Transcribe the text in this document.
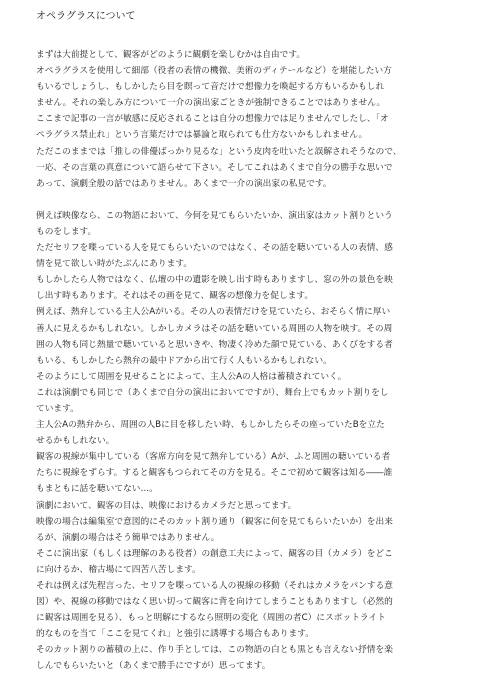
オペラグラスについて
まずは大前提として、観客がどのように観劇を楽しむかは自由です。
オペラグラスを使用して細部（役者の表情の機微、美術のディテールなど）を堪能したい方
もいるでしょうし、もしかしたら目を瞑って音だけで想像力を喚起する方もいるかもしれ
ません。それの楽しみ方について一介の演出家ごときが強制できることではありません。
ここまで記事の一言が敏感に反応されることは自分の想像力では足りませんでしたし、「オ
ペラグラス禁止れ」という言葉だけでは暴論と取られても仕方ないかもしれません。
ただこのままでは「推しの俳優ばっかり見るな」という皮肉を吐いたと誤解されそうなので、
一応、その言葉の真意について語らせて下さい。そしてこれはあくまで自分の勝手な思いで
あって、演劇全般の話ではありません。あくまで一介の演出家の私見です。
例えば映像なら、この物語において、今何を見てもらいたいか、演出家はカット割りという
ものをします。
ただセリフを喋っている人を見てもらいたいのではなく、その話を聴いている人の表情、感
情を見て欲しい時がたぶんにあります。
もしかしたら人物ではなく、仏壇の中の遺影を映し出す時もありますし、窓の外の景色を映
し出す時もあります。それはその画を見て、観客の想像力を促します。
例えば、熱弁している主人公Aがいる。その人の表情だけを見ていたら、おそらく情に厚い
善人に見えるかもしれない。しかしカメラはその話を聴いている周囲の人物を映す。その周
囲の人物も同じ熱量で聴いていると思いきや、物凄く冷めた顔で見ている、あくびをする者
もいる、もしかしたら熱弁の最中ドアから出て行く人もいるかもしれない。
そのようにして周囲を見せることによって、主人公Aの人格は蓄積されていく。
これは演劇でも同じで（あくまで自分の演出においてですが）、舞台上でもカット割りをし
ています。
主人公Aの熱弁から、周囲の人Bに目を移したい時、もしかしたらその座っていたBを立た
せるかもしれない。
観客の視線が集中している（客席方向を見て熱弁している）Aが、ふと周囲の聴いている者
たちに視線をずらす。すると観客もつられてその方を見る。そこで初めて観客は知る――誰
もまともに話を聴いてない…。
演劇において、観客の目は、映像におけるカメラだと思ってます。
映像の場合は編集室で意図的にそのカット割り通り（観客に何を見てもらいたいか）を出来
るが、演劇の場合はそう簡単ではありません。
そこに演出家（もしくは理解のある役者）の創意工夫によって、観客の目（カメラ）をどこ
に向けるか、稽古場にて四苦八苦します。
それは例えば先程言った、セリフを喋っている人の視線の移動（それはカメラをパンする意
図）や、視線の移動ではなく思い切って観客に背を向けてしまうこともありますし（必然的
に観客は周囲を見る）、もっと明解にするなら照明の変化（周囲の者C）にスポットライト
的なものを当て「ここを見てくれ」と強引に誘導する場合もあります。
そのカット割りの蓄積の上に、作り手としては、この物語の白とも黒とも言えない抒情を楽
しんでもらいたいと（あくまで勝手にですが）思ってます。
